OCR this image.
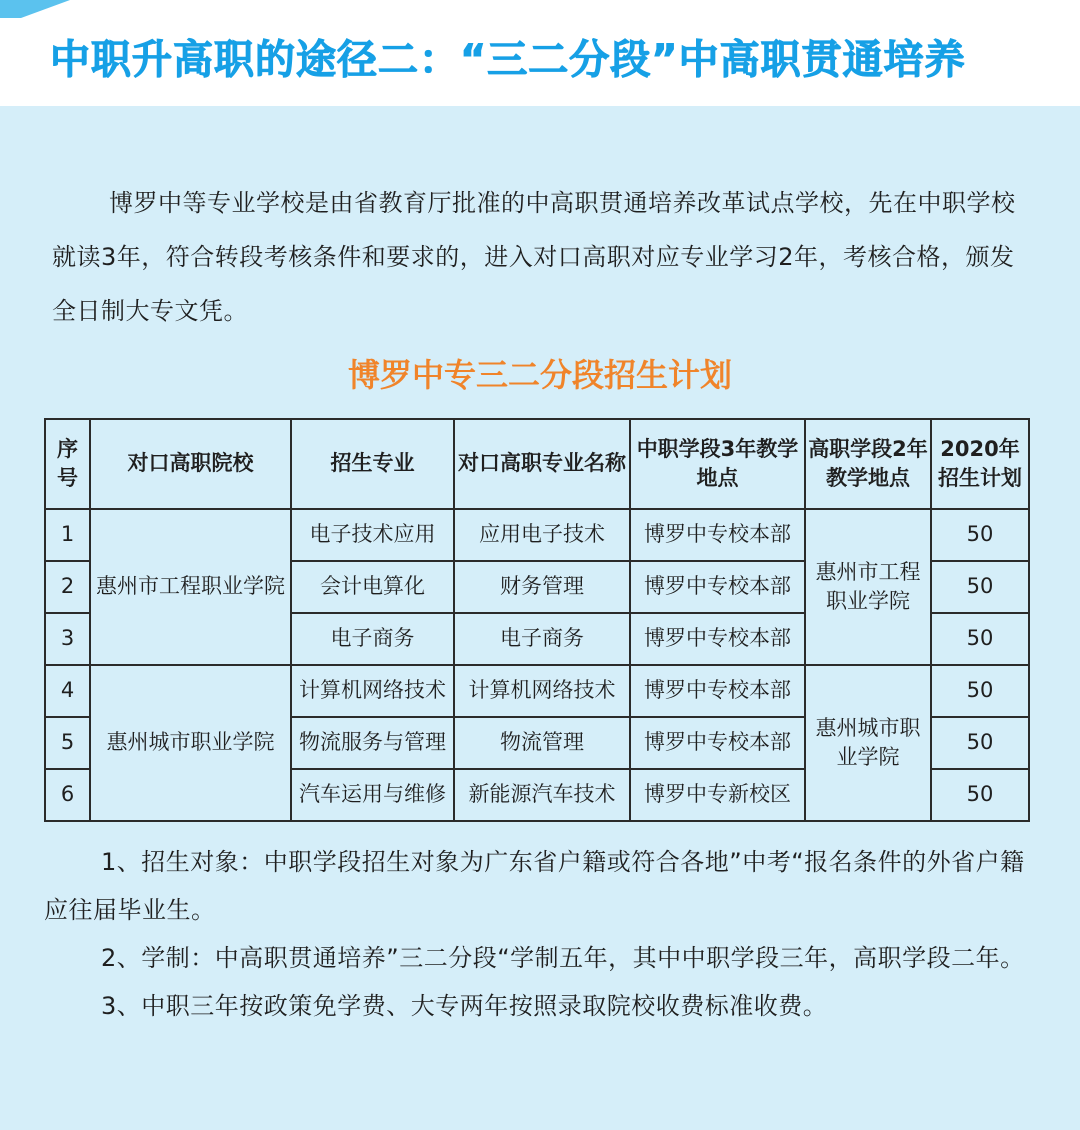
中职升高职的途径二：“三二分段”中高职贯通培养

博罗中等专业学校是由省教育厅批准的中高职贯通培养改革试点学校，先在中职学校就读3年，符合转段考核条件和要求的，进入对口高职对应专业学习2年，考核合格，颁发全日制大专文凭。

博罗中专三二分段招生计划
序号	对口高职院校	招生专业	对口高职专业名称	中职学段3年教学地点	高职学段2年教学地点	2020年招生计划
1	惠州市工程职业学院	电子技术应用	应用电子技术	博罗中专校本部	惠州市工程职业学院	50
2		会计电算化	财务管理	博罗中专校本部		50
3		电子商务	电子商务	博罗中专校本部		50
4	惠州城市职业学院	计算机网络技术	计算机网络技术	博罗中专校本部	惠州城市职业学院	50
5		物流服务与管理	物流管理	博罗中专校本部		50
6		汽车运用与维修	新能源汽车技术	博罗中专新校区		50

1、招生对象：中职学段招生对象为广东省户籍或符合各地”中考“报名条件的外省户籍应往届毕业生。

2、学制：中高职贯通培养”三二分段“学制五年，其中中职学段三年，高职学段二年。

3、中职三年按政策免学费、大专两年按照录取院校收费标准收费。
